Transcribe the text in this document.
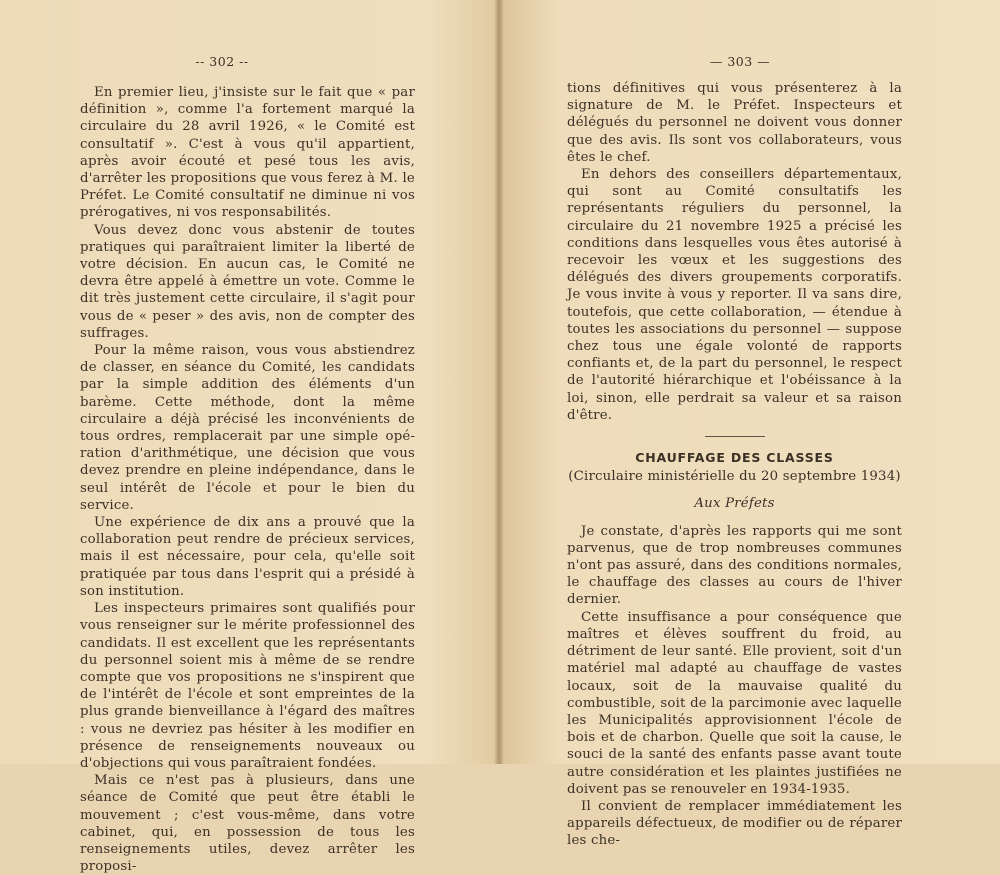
-- 302 --

En premier lieu, j'insiste sur le fait que « par définition », comme l'a fortement marqué la circulaire du 28 avril 1926, « le Comité est consultatif ». C'est à vous qu'il appartient, après avoir écouté et pesé tous les avis, d'arrêter les propositions que vous ferez à M. le Préfet. Le Comité consultatif ne diminue ni vos prérogatives, ni vos responsabilités.

Vous devez donc vous abstenir de toutes pratiques qui paraîtraient limiter la liberté de votre décision. En aucun cas, le Comité ne devra être appelé à émettre un vote. Comme le dit très justement cette circulaire, il s'agit pour vous de « peser » des avis, non de compter des suffrages.

Pour la même raison, vous vous abstiendrez de classer, en séance du Comité, les candidats par la simple addition des éléments d'un barème. Cette méthode, dont la même circulaire a déjà précisé les inconvénients de tous ordres, remplacerait par une simple opération d'arithmétique, une décision que vous devez prendre en pleine indépendance, dans le seul intérêt de l'école et pour le bien du service.

Une expérience de dix ans a prouvé que la collaboration peut rendre de précieux services, mais il est nécessaire, pour cela, qu'elle soit pratiquée par tous dans l'esprit qui a présidé à son institution.

Les inspecteurs primaires sont qualifiés pour vous renseigner sur le mérite professionnel des candidats. Il est excellent que les représentants du personnel soient mis à même de se rendre compte que vos propositions ne s'inspirent que de l'intérêt de l'école et sont empreintes de la plus grande bienveillance à l'égard des maîtres : vous ne devriez pas hésiter à les modifier en présence de renseignements nouveaux ou d'objections qui vous paraîtraient fondées.

Mais ce n'est pas à plusieurs, dans une séance de Comité que peut être établi le mouvement ; c'est vous-même, dans votre cabinet, qui, en possession de tous les renseignements utiles, devez arrêter les proposi-

— 303 —

tions définitives qui vous présenterez à la signature de M. le Préfet. Inspecteurs et délégués du personnel ne doivent vous donner que des avis. Ils sont vos collaborateurs, vous êtes le chef.

En dehors des conseillers départementaux, qui sont au Comité consultatifs les représentants réguliers du personnel, la circulaire du 21 novembre 1925 a précisé les conditions dans lesquelles vous êtes autorisé à recevoir les vœux et les suggestions des délégués des divers groupements corporatifs. Je vous invite à vous y reporter. Il va sans dire, toutefois, que cette collaboration, — étendue à toutes les associations du personnel — suppose chez tous une égale volonté de rapports confiants et, de la part du personnel, le respect de l'autorité hiérarchique et l'obéissance à la loi, sinon, elle perdrait sa valeur et sa raison d'être.

CHAUFFAGE DES CLASSES

(Circulaire ministérielle du 20 septembre 1934)

Aux Préfets

Je constate, d'après les rapports qui me sont parvenus, que de trop nombreuses communes n'ont pas assuré, dans des conditions normales, le chauffage des classes au cours de l'hiver dernier.

Cette insuffisance a pour conséquence que maîtres et élèves souffrent du froid, au détriment de leur santé. Elle provient, soit d'un matériel mal adapté au chauffage de vastes locaux, soit de la mauvaise qualité du combustible, soit de la parcimonie avec laquelle les Municipalités approvisionnent l'école de bois et de charbon. Quelle que soit la cause, le souci de la santé des enfants passe avant toute autre considération et les plaintes justifiées ne doivent pas se renouveler en 1934-1935.

Il convient de remplacer immédiatement les appareils défectueux, de modifier ou de réparer les che-
